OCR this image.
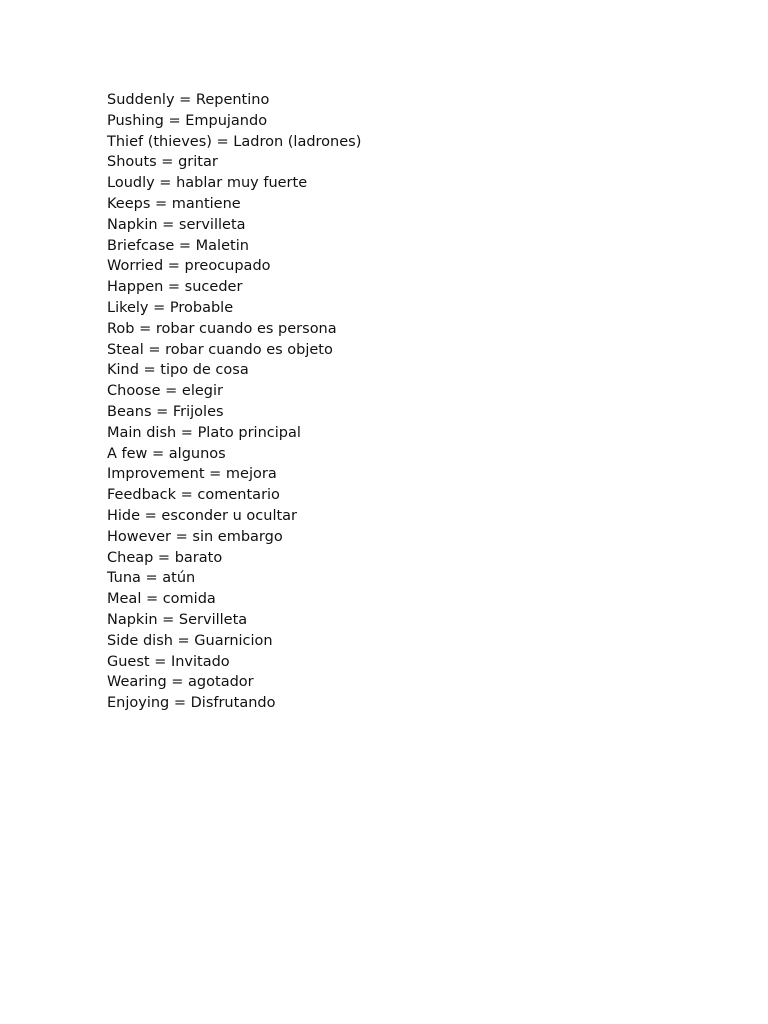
Suddenly = Repentino
Pushing = Empujando
Thief (thieves) = Ladron (ladrones)
Shouts = gritar
Loudly = hablar muy fuerte
Keeps = mantiene
Napkin = servilleta
Briefcase = Maletin
Worried = preocupado
Happen = suceder
Likely = Probable
Rob = robar cuando es persona
Steal = robar cuando es objeto
Kind = tipo de cosa
Choose = elegir
Beans = Frijoles
Main dish = Plato principal
A few = algunos
Improvement = mejora
Feedback = comentario
Hide = esconder u ocultar
However = sin embargo
Cheap = barato
Tuna = atún
Meal = comida
Napkin = Servilleta
Side dish = Guarnicion
Guest = Invitado
Wearing = agotador
Enjoying = Disfrutando
